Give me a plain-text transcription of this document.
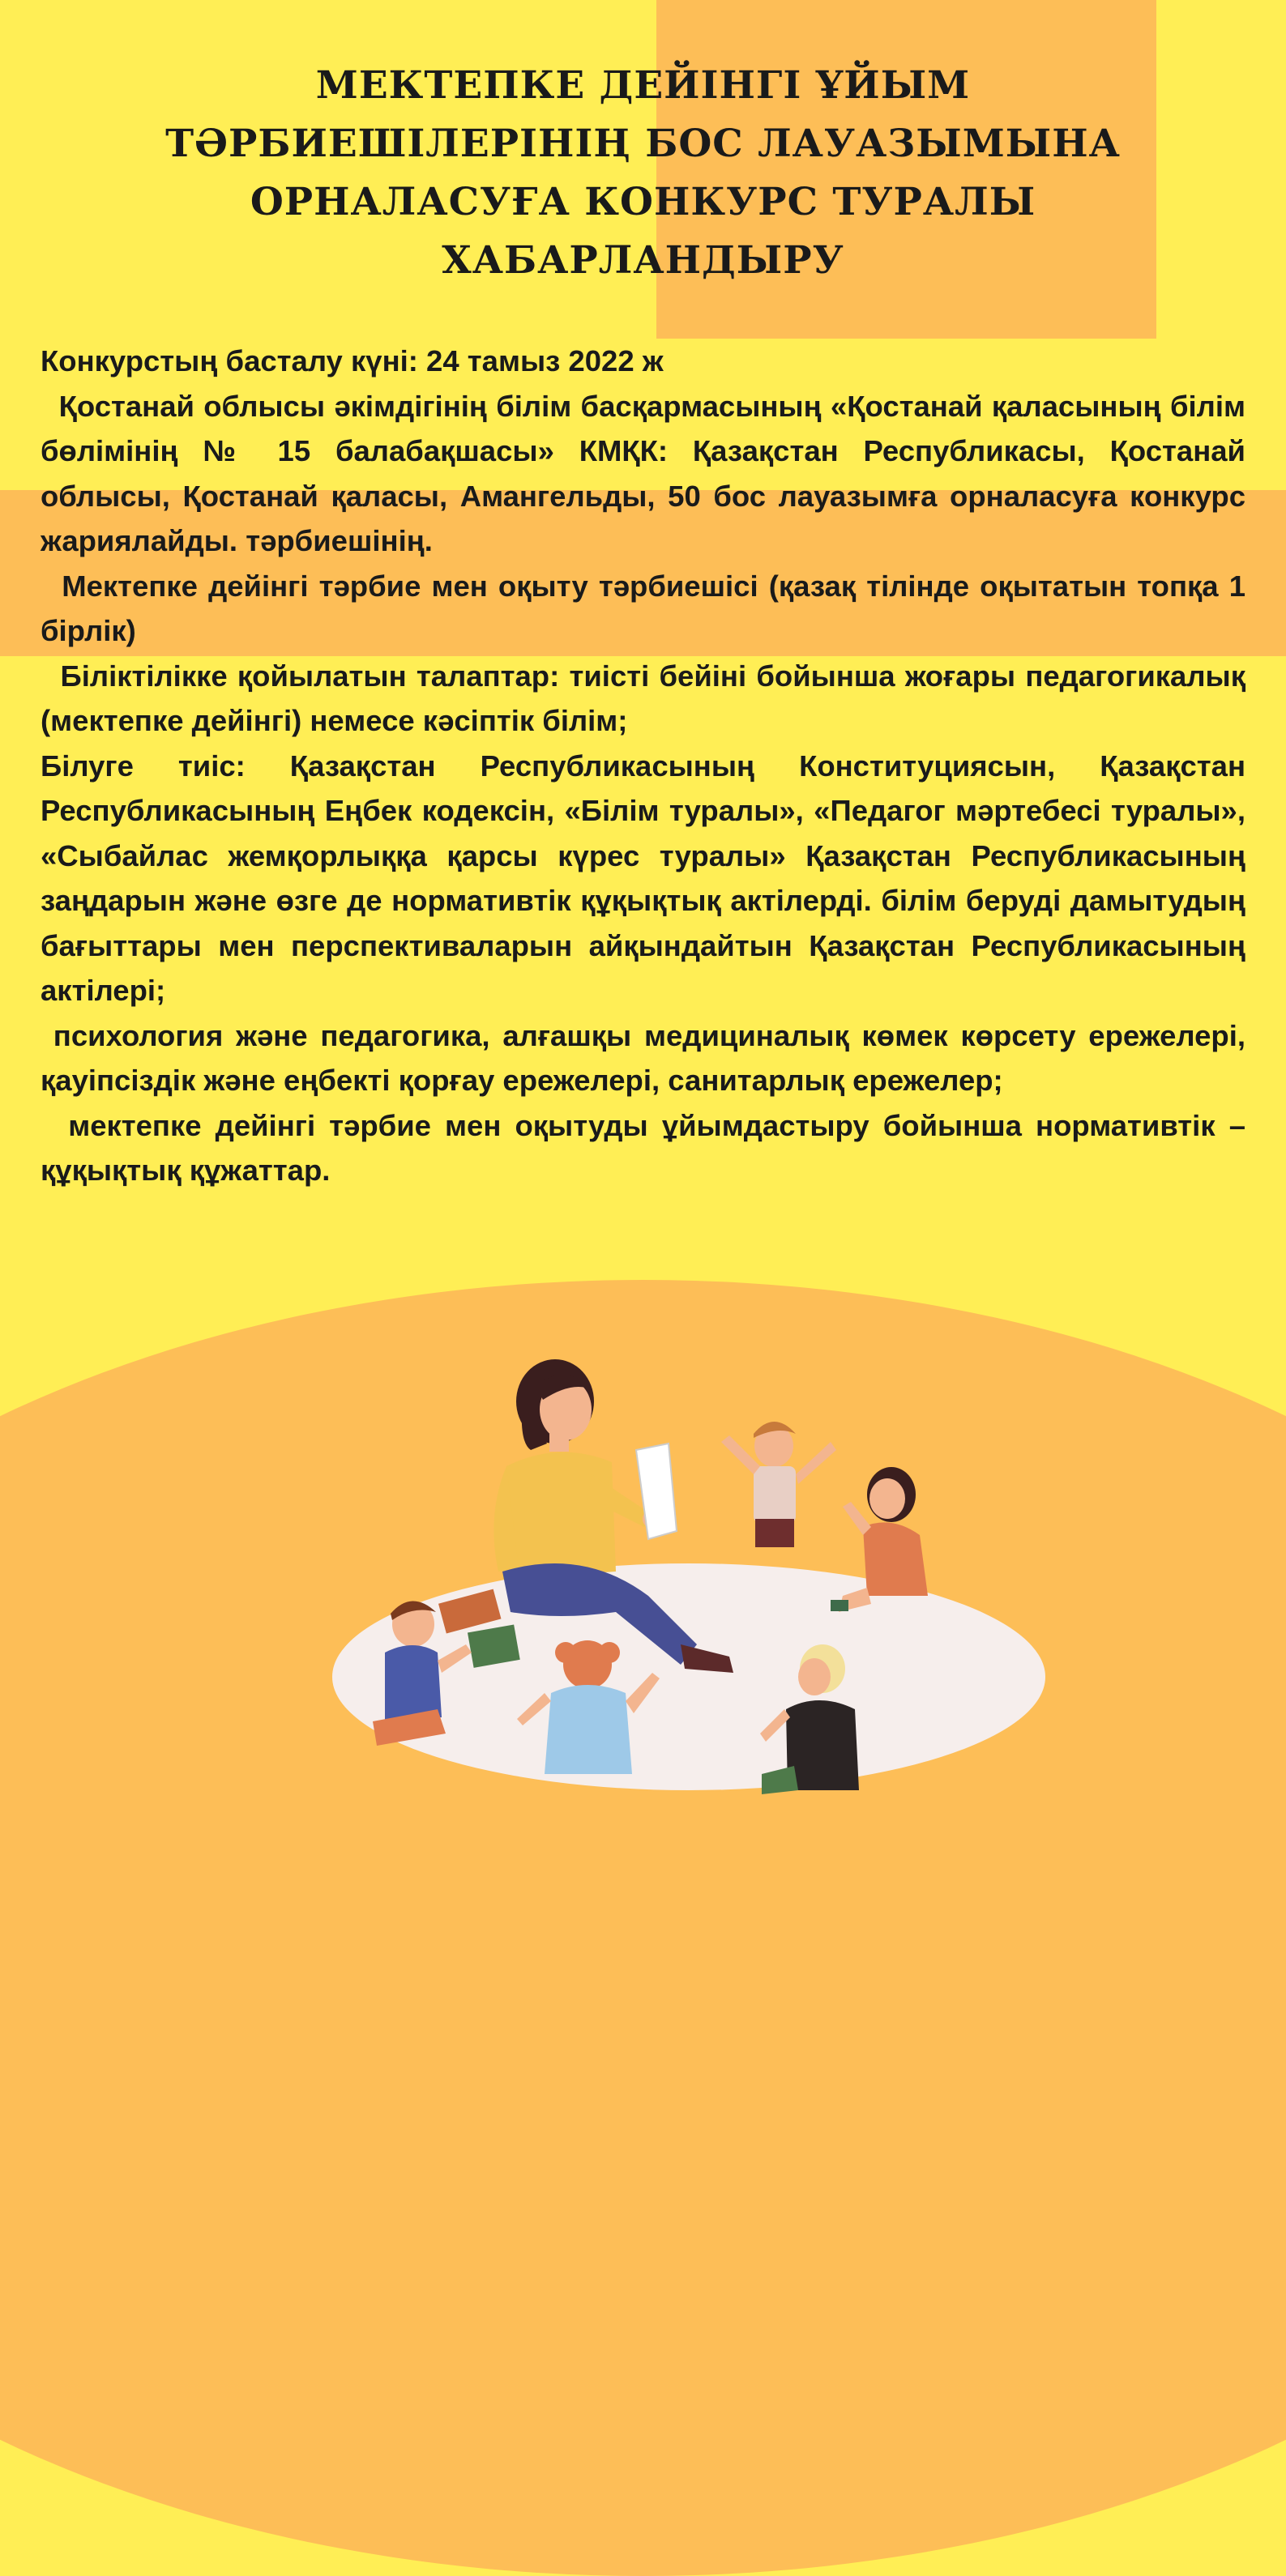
МЕКТЕПКЕ ДЕЙІНГІ ҰЙЫМ
ТӘРБИЕШІЛЕРІНІҢ БОС ЛАУАЗЫМЫНА
ОРНАЛАСУҒА КОНКУРС ТУРАЛЫ
ХАБАРЛАНДЫРУ

Конкурстың басталу күні: 24 тамыз 2022 ж

Қостанай облысы әкімдігінің білім басқармасының «Қостанай қаласының білім бөлімінің № 15 балабақшасы» КМҚК: Қазақстан Республикасы, Қостанай облысы, Қостанай қаласы, Амангельды, 50 бос лауазымға орналасуға конкурс жариялайды. тәрбиешінің.

Мектепке дейінгі тәрбие мен оқыту тәрбиешісі (қазақ тілінде оқытатын топқа 1 бірлік)

Біліктілікке қойылатын талаптар: тиісті бейіні бойынша жоғары педагогикалық (мектепке дейінгі) немесе кәсіптік білім;

Білуге тиіс: Қазақстан Республикасының Конституциясын, Қазақстан Республикасының Еңбек кодексін, «Білім туралы», «Педагог мәртебесі туралы», «Сыбайлас жемқорлыққа қарсы күрес туралы» Қазақстан Республикасының заңдарын және өзге де нормативтік құқықтық актілерді. білім беруді дамытудың бағыттары мен перспективаларын айқындайтын Қазақстан Республикасының актілері;

психология және педагогика, алғашқы медициналық көмек көрсету ережелері, қауіпсіздік және еңбекті қорғау ережелері, санитарлық ережелер;

мектепке дейінгі тәрбие мен оқытуды ұйымдастыру бойынша нормативтік – құқықтық құжаттар.
